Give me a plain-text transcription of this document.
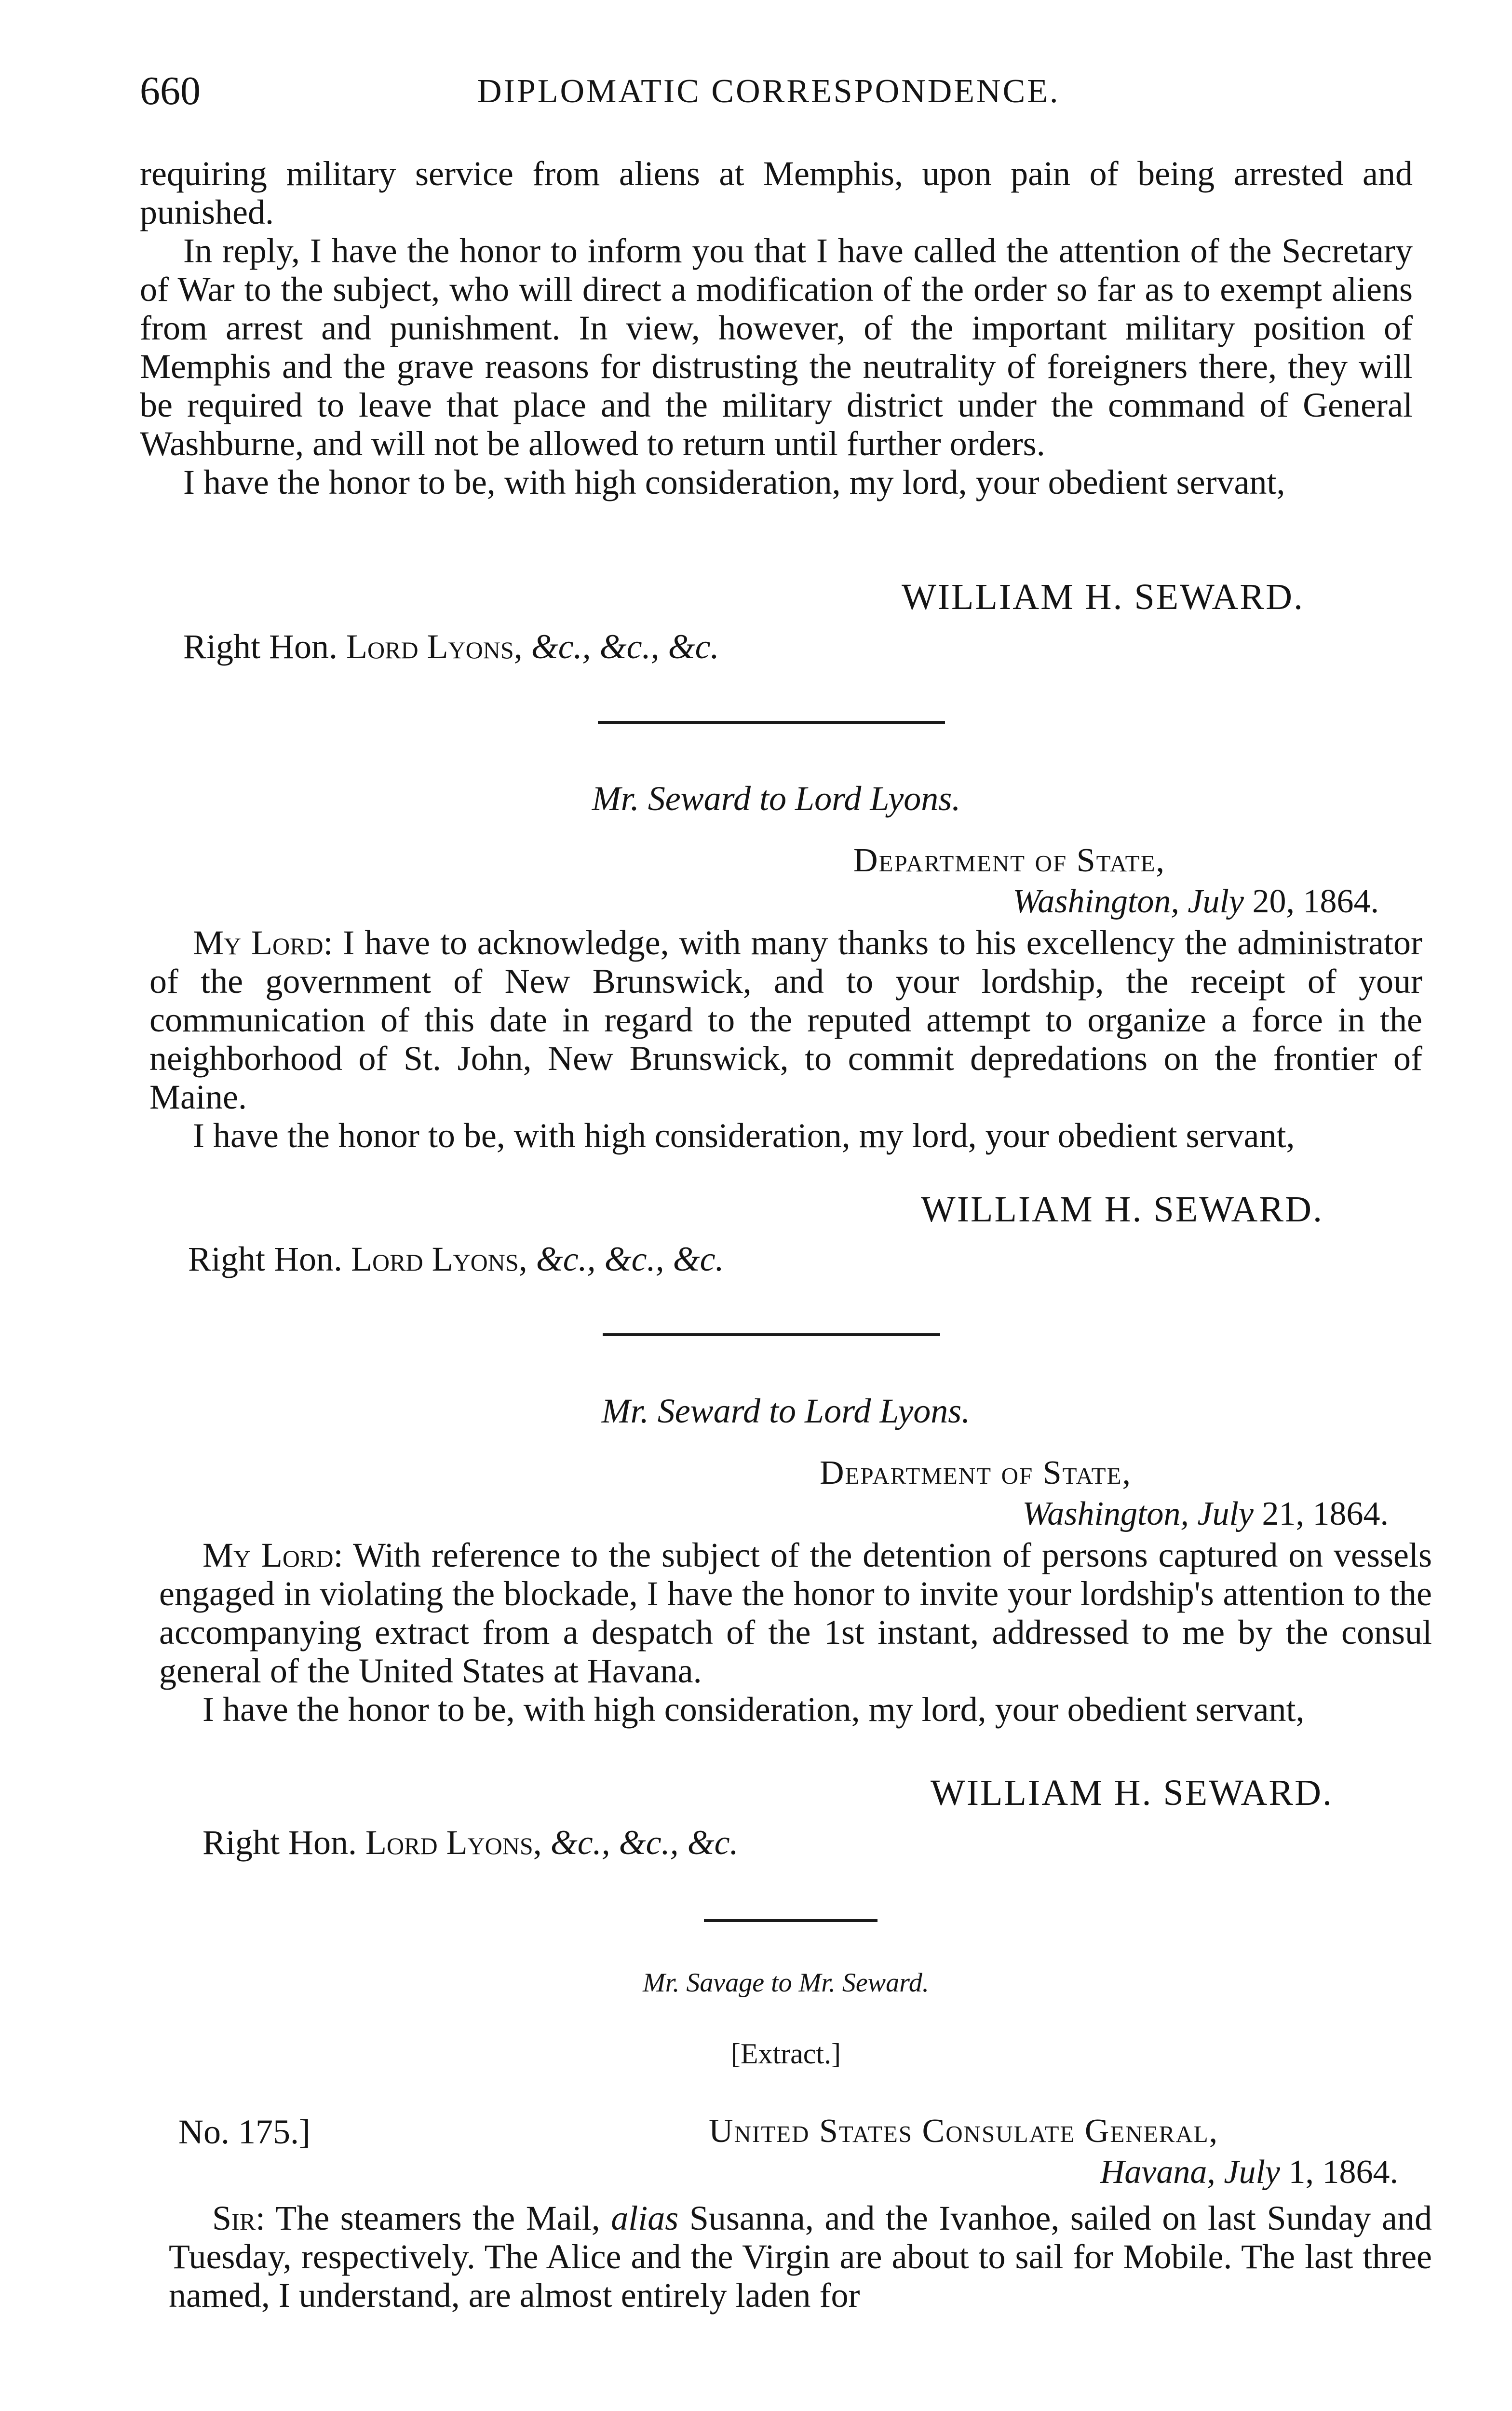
660	DIPLOMATIC CORRESPONDENCE.

requiring military service from aliens at Memphis, upon pain of being arrested and punished.

In reply, I have the honor to inform you that I have called the attention of the Secretary of War to the subject, who will direct a modification of the order so far as to exempt aliens from arrest and punishment. In view, however, of the important military position of Memphis and the grave reasons for distrusting the neutrality of foreigners there, they will be required to leave that place and the military district under the command of General Washburne, and will not be allowed to return until further orders.

I have the honor to be, with high consideration, my lord, your obedient servant,

WILLIAM H. SEWARD.
Right Hon. Lord Lyons, &c., &c., &c.
Mr. Seward to Lord Lyons.
Department of State,
Washington, July 20, 1864.

My Lord: I have to acknowledge, with many thanks to his excellency the administrator of the government of New Brunswick, and to your lordship, the receipt of your communication of this date in regard to the reputed attempt to organize a force in the neighborhood of St. John, New Brunswick, to commit depredations on the frontier of Maine.

I have the honor to be, with high consideration, my lord, your obedient servant,

WILLIAM H. SEWARD.
Right Hon. Lord Lyons, &c., &c., &c.
Mr. Seward to Lord Lyons.
Department of State,
Washington, July 21, 1864.

My Lord: With reference to the subject of the detention of persons captured on vessels engaged in violating the blockade, I have the honor to invite your lordship's attention to the accompanying extract from a despatch of the 1st instant, addressed to me by the consul general of the United States at Havana.

I have the honor to be, with high consideration, my lord, your obedient servant,

WILLIAM H. SEWARD.
Right Hon. Lord Lyons, &c., &c., &c.
Mr. Savage to Mr. Seward.
[Extract.]
No. 175.]	United States Consulate General,
Havana, July 1, 1864.

Sir: The steamers the Mail, alias Susanna, and the Ivanhoe, sailed on last Sunday and Tuesday, respectively. The Alice and the Virgin are about to sail for Mobile. The last three named, I understand, are almost entirely laden for
